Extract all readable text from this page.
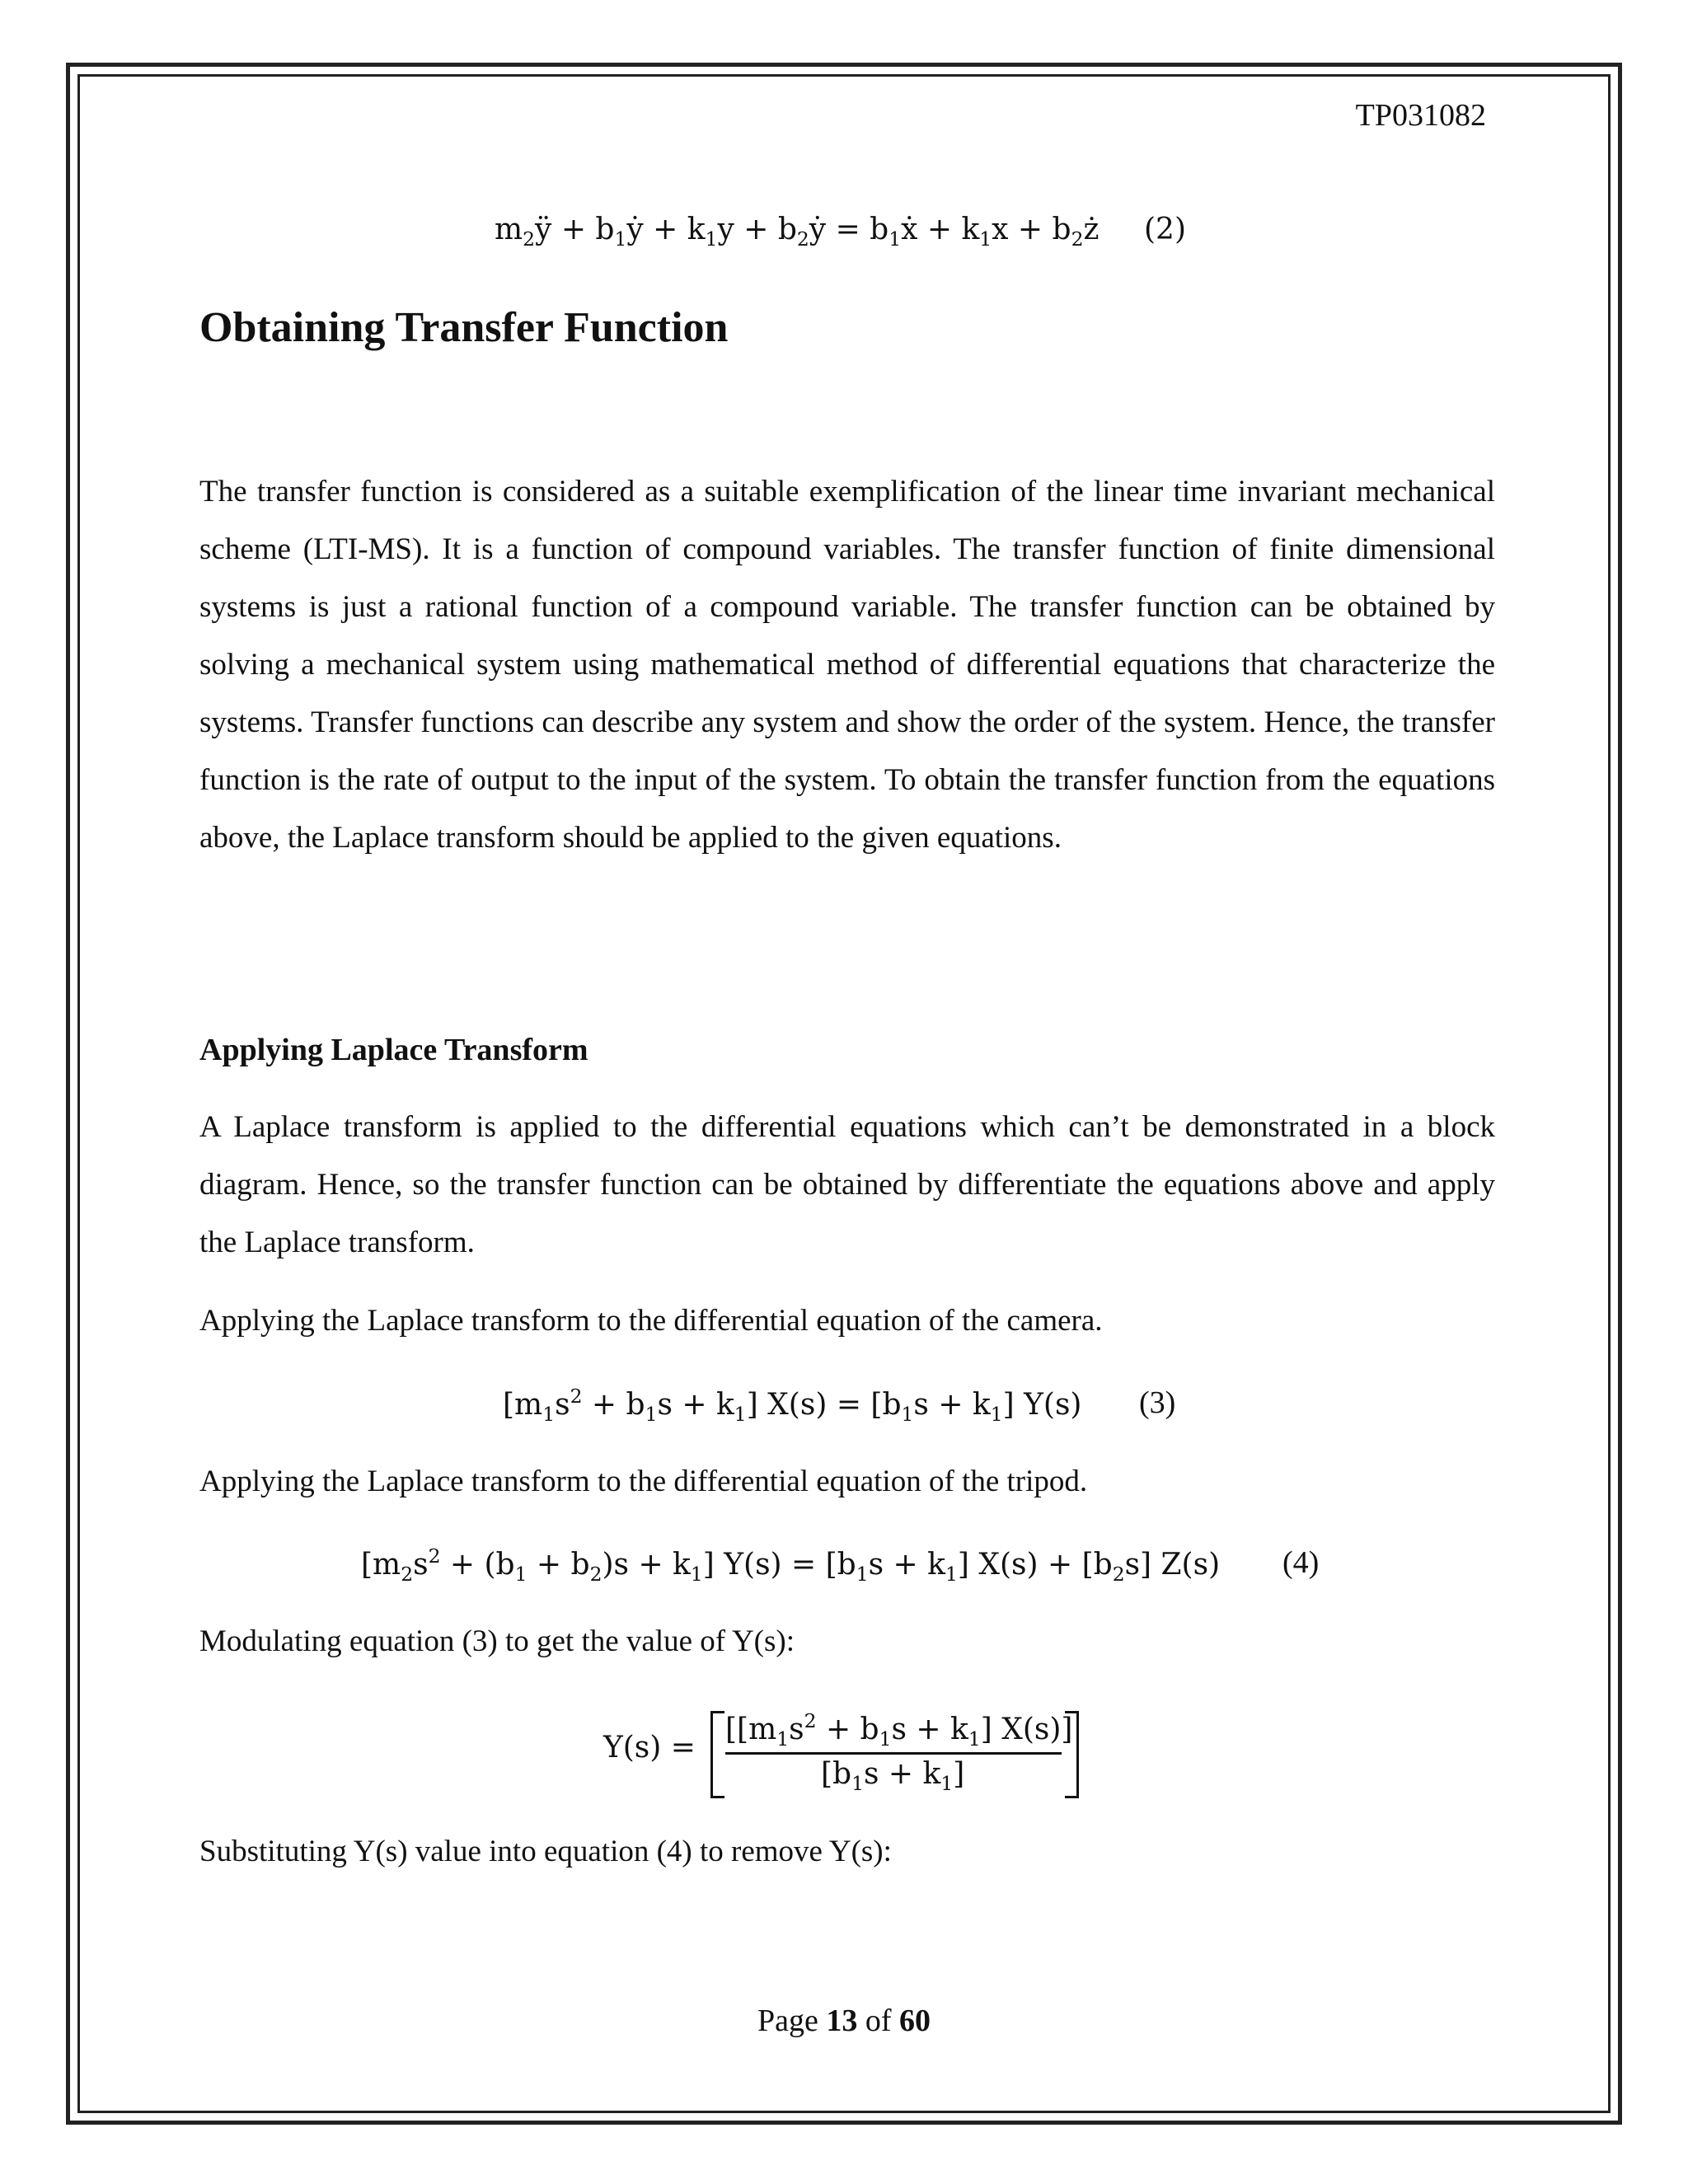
TP031082
$m_2ÿ$ + $b_1ẏ + k_1y$ + $b_2ẏ$ = $b_1ẋ + k_1x$ + $b_2ż$ (2)
Obtaining Transfer Function
The transfer function is considered as a suitable exemplification of the linear time invariant mechanical scheme (LTI-MS). It is a function of compound variables. The transfer function of finite dimensional systems is just a rational function of a compound variable. The transfer function can be obtained by solving a mechanical system using mathematical method of differential equations that characterize the systems. Transfer functions can describe any system and show the order of the system. Hence, the transfer function is the rate of output to the input of the system. To obtain the transfer function from the equations above, the Laplace transform should be applied to the given equations.
Applying Laplace Transform
A Laplace transform is applied to the differential equations which can’t be demonstrated in a block diagram. Hence, so the transfer function can be obtained by differentiate the equations above and apply the Laplace transform.
Applying the Laplace transform to the differential equation of the camera.
$[m_1s^2 + b_1s + k_1] X(s) = [b_1s + k_1]$ Y(s) (3)
Applying the Laplace transform to the differential equation of the tripod.
$[m_2s^2 + (b_1 + b_2)s + k_1] Y(s) = [b_1s + k_1] X(s) + [b_2s]$ Z(s) (4)
Modulating equation (3) to get the value of Y(s):
Y(s) =
[$[m_1s^2 + b_1s + k_1]$ X(s)]
$[b_1s + k_1]$
Substituting Y(s) value into equation (4) to remove Y(s):
Page 13 of 60
